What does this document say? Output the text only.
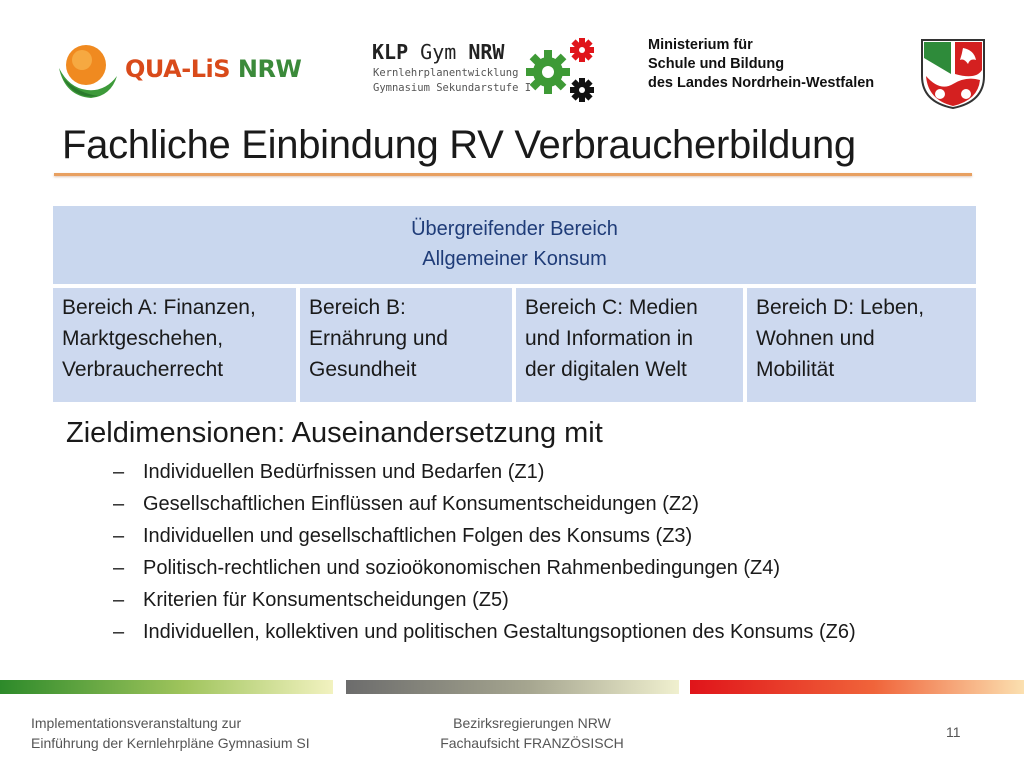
QUA-LiS NRW
KLP Gym NRW
Kernlehrplanentwicklung
Gymnasium Sekundarstufe I
Ministerium für
Schule und Bildung
des Landes Nordrhein-Westfalen
Fachliche Einbindung RV Verbraucherbildung
Übergreifender Bereich
Allgemeiner Konsum
Bereich A: Finanzen,
Marktgeschehen,
Verbraucherrecht
Bereich B:
Ernährung und
Gesundheit
Bereich C: Medien
und Information in
der digitalen Welt
Bereich D: Leben,
Wohnen und
Mobilität
Zieldimensionen: Auseinandersetzung mit
– Individuellen Bedürfnissen und Bedarfen (Z1)
– Gesellschaftlichen Einflüssen auf Konsumentscheidungen (Z2)
– Individuellen und gesellschaftlichen Folgen des Konsums (Z3)
– Politisch-rechtlichen und sozioökonomischen Rahmenbedingungen (Z4)
– Kriterien für Konsumentscheidungen (Z5)
– Individuellen, kollektiven und politischen Gestaltungsoptionen des Konsums (Z6)
Implementationsveranstaltung zur
Einführung der Kernlehrpläne Gymnasium SI
Bezirksregierungen NRW
Fachaufsicht FRANZÖSISCH
11
